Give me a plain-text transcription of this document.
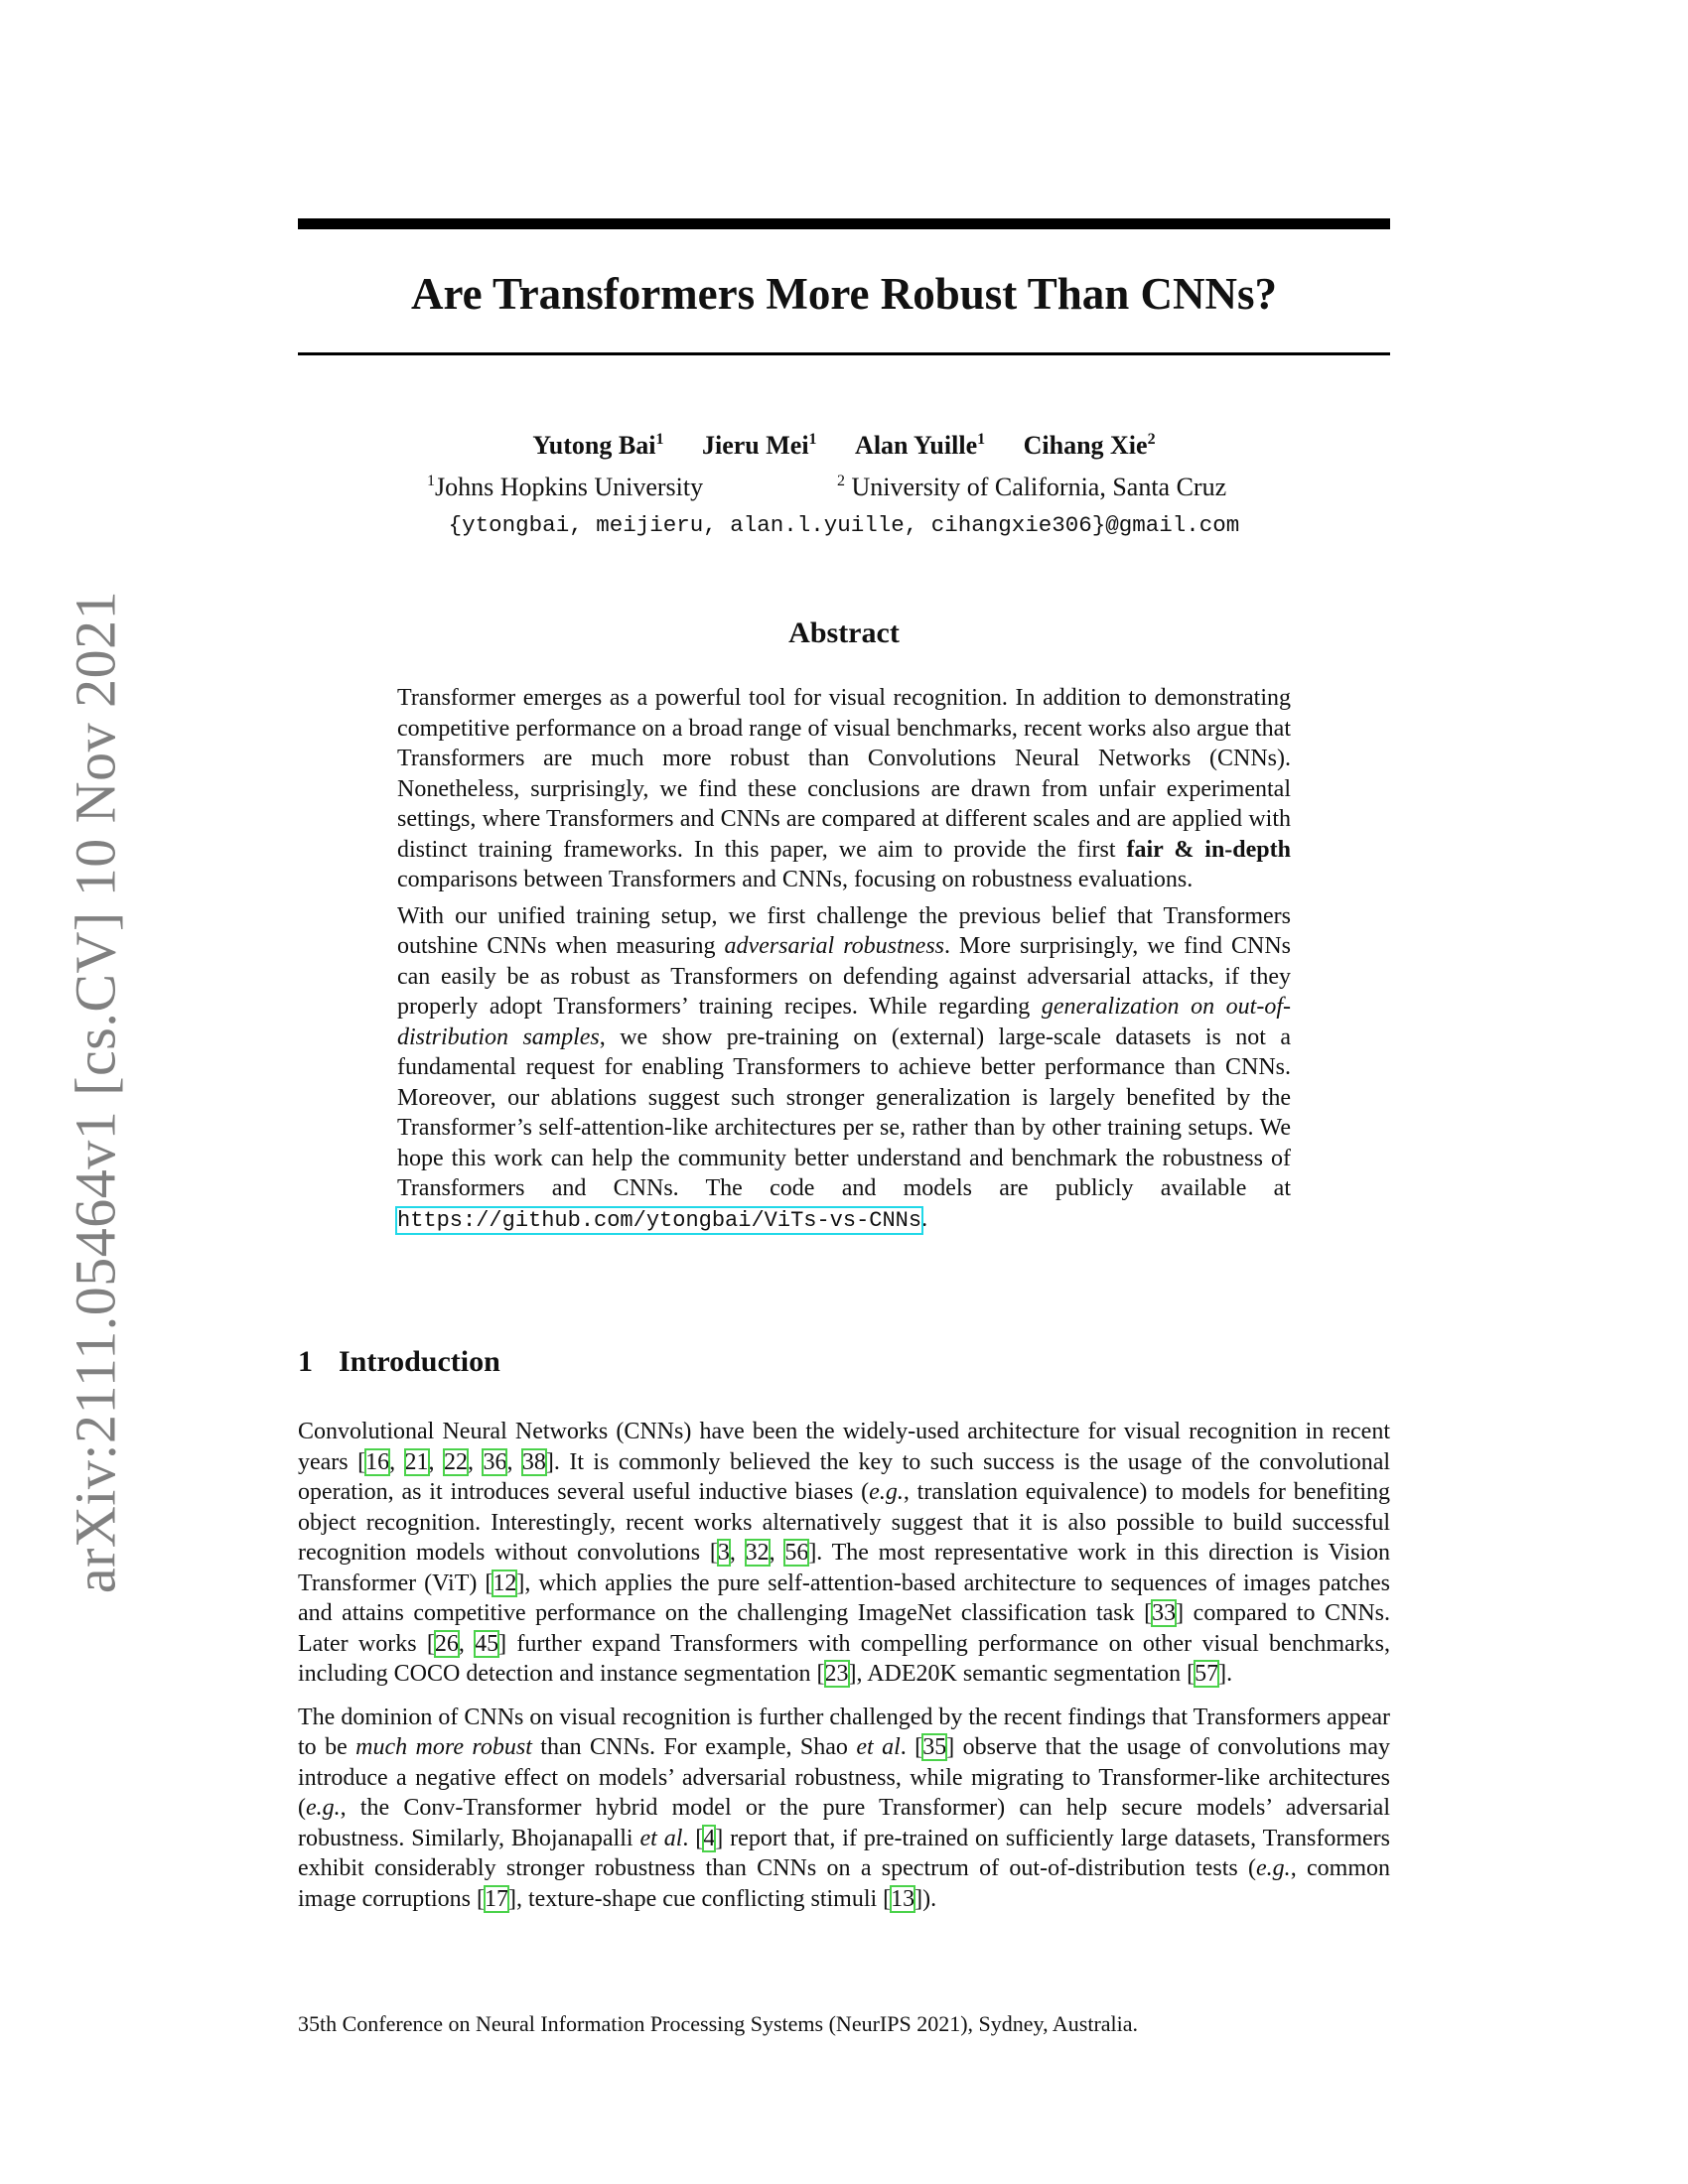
arXiv:2111.05464v1 [cs.CV] 10 Nov 2021
Are Transformers More Robust Than CNNs?
Yutong Bai$^1$ Jieru Mei$^1$ Alan Yuille$^1$ Cihang Xie$^2$
$^1$Johns Hopkins University	$^2$ University of California, Santa Cruz
{ytongbai, meijieru, alan.l.yuille, cihangxie306}@gmail.com
Abstract

Transformer emerges as a powerful tool for visual recognition. In addition to demonstrating competitive performance on a broad range of visual benchmarks, recent works also argue that Transformers are much more robust than Convolutions Neural Networks (CNNs). Nonetheless, surprisingly, we find these conclusions are drawn from unfair experimental settings, where Transformers and CNNs are compared at different scales and are applied with distinct training frameworks. In this paper, we aim to provide the first fair & in-depth comparisons between Transformers and CNNs, focusing on robustness evaluations.

With our unified training setup, we first challenge the previous belief that Transformers outshine CNNs when measuring adversarial robustness. More surprisingly, we find CNNs can easily be as robust as Transformers on defending against adversarial attacks, if they properly adopt Transformers’ training recipes. While regarding generalization on out-of-distribution samples, we show pre-training on (external) large-scale datasets is not a fundamental request for enabling Transformers to achieve better performance than CNNs. Moreover, our ablations suggest such stronger generalization is largely benefited by the Transformer’s self-attention-like architectures per se, rather than by other training setups. We hope this work can help the community better understand and benchmark the robustness of Transformers and CNNs. The code and models are publicly available at https://github.com/ytongbai/ViTs-vs-CNNs.

1 Introduction

Convolutional Neural Networks (CNNs) have been the widely-used architecture for visual recognition in recent years [16, 21, 22, 36, 38]. It is commonly believed the key to such success is the usage of the convolutional operation, as it introduces several useful inductive biases (e.g., translation equivalence) to models for benefiting object recognition. Interestingly, recent works alternatively suggest that it is also possible to build successful recognition models without convolutions [3, 32, 56]. The most representative work in this direction is Vision Transformer (ViT) [12], which applies the pure self-attention-based architecture to sequences of images patches and attains competitive performance on the challenging ImageNet classification task [33] compared to CNNs. Later works [26, 45] further expand Transformers with compelling performance on other visual benchmarks, including COCO detection and instance segmentation [23], ADE20K semantic segmentation [57].

The dominion of CNNs on visual recognition is further challenged by the recent findings that Transformers appear to be much more robust than CNNs. For example, Shao et al. [35] observe that the usage of convolutions may introduce a negative effect on models’ adversarial robustness, while migrating to Transformer-like architectures (e.g., the Conv-Transformer hybrid model or the pure Transformer) can help secure models’ adversarial robustness. Similarly, Bhojanapalli et al. [4] report that, if pre-trained on sufficiently large datasets, Transformers exhibit considerably stronger robustness than CNNs on a spectrum of out-of-distribution tests (e.g., common image corruptions [17], texture-shape cue conflicting stimuli [13]).

35th Conference on Neural Information Processing Systems (NeurIPS 2021), Sydney, Australia.
